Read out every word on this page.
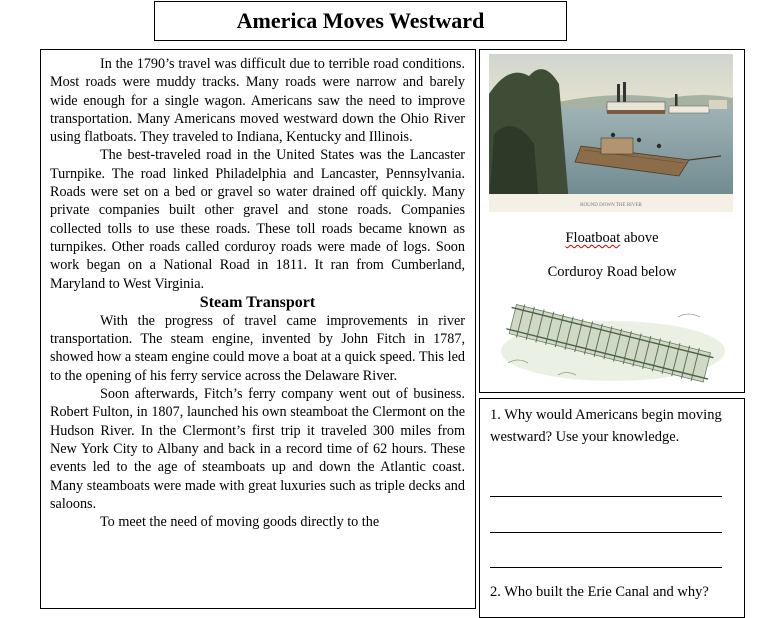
America Moves Westward

In the 1790’s travel was difficult due to terrible road conditions. Most roads were muddy tracks. Many roads were narrow and barely wide enough for a single wagon. Americans saw the need to improve transportation. Many Americans moved westward down the Ohio River using flatboats. They traveled to Indiana, Kentucky and Illinois.

The best-traveled road in the United States was the Lancaster Turnpike. The road linked Philadelphia and Lancaster, Pennsylvania. Roads were set on a bed or gravel so water drained off quickly. Many private companies built other gravel and stone roads. Companies collected tolls to use these roads. These toll roads became known as turnpikes. Other roads called corduroy roads were made of logs. Soon work began on a National Road in 1811. It ran from Cumberland, Maryland to West Virginia.

Steam Transport

With the progress of travel came improvements in river transportation. The steam engine, invented by John Fitch in 1787, showed how a steam engine could move a boat at a quick speed. This led to the opening of his ferry service across the Delaware River.

Soon afterwards, Fitch’s ferry company went out of business. Robert Fulton, in 1807, launched his own steamboat the Clermont on the Hudson River. In the Clermont’s first trip it traveled 300 miles from New York City to Albany and back in a record time of 62 hours. These events led to the age of steamboats up and down the Atlantic coast. Many steamboats were made with great luxuries such as triple decks and saloons.

To meet the need of moving goods directly to the

ROUND DOWN THE RIVER
Floatboat above
Corduroy Road below

1. Why would Americans begin moving westward? Use your knowledge.

2. Who built the Erie Canal and why?
